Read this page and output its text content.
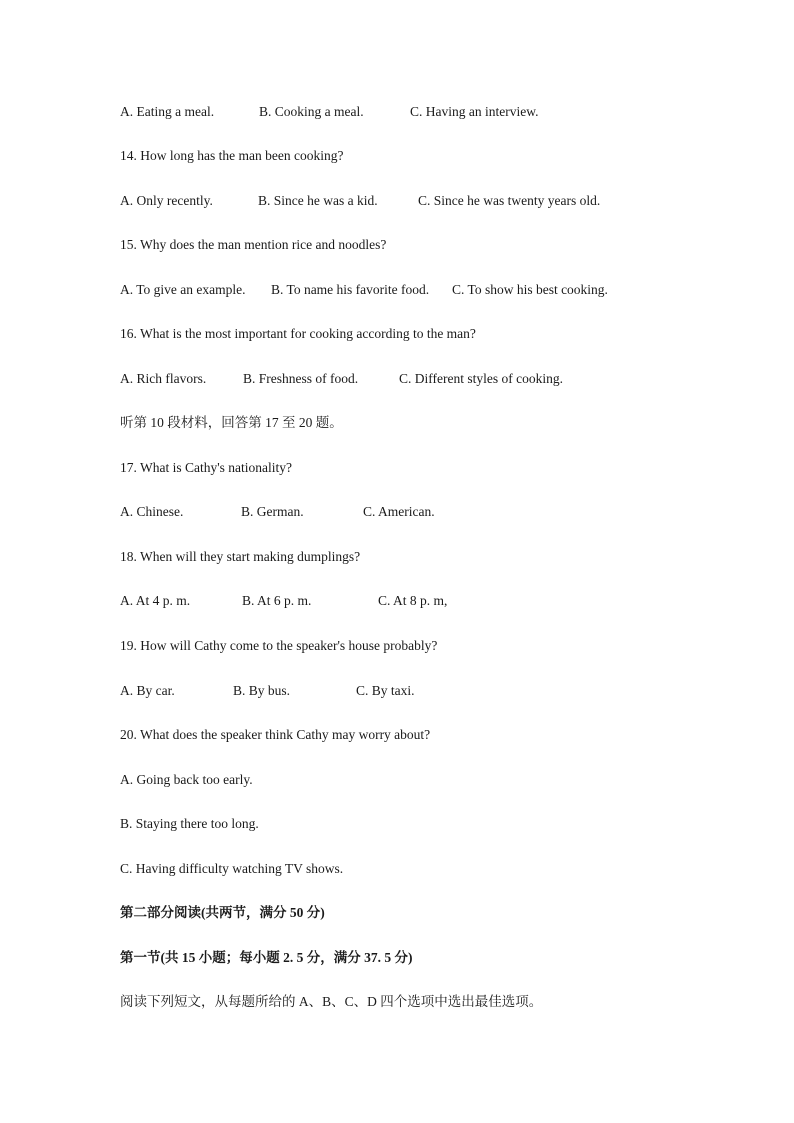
A. Eating a meal.	B. Cooking a meal.	C. Having an interview.
14. How long has the man been cooking?
A. Only recently.	B. Since he was a kid.	C. Since he was twenty years old.
15. Why does the man mention rice and noodles?
A. To give an example. B. To name his favorite food. C. To show his best cooking.
16. What is the most important for cooking according to the man?
A. Rich flavors.	B. Freshness of food.	C. Different styles of cooking.
听第 10 段材料，回答第 17 至 20 题。
17. What is Cathy's nationality?
A. Chinese.	B. German.	C. American.
18. When will they start making dumplings?
A. At 4 p. m.	B. At 6 p. m.	C. At 8 p. m,
19. How will Cathy come to the speaker's house probably?
A. By car.	B. By bus.	C. By taxi.
20. What does the speaker think Cathy may worry about?
A. Going back too early.
B. Staying there too long.
C. Having difficulty watching TV shows.
第二部分阅读(共两节，满分 50 分)
第一节(共 15 小题；每小题 2. 5 分，满分 37. 5 分)
阅读下列短文，从每题所给的 A、B、C、D 四个选项中选出最佳选项。
